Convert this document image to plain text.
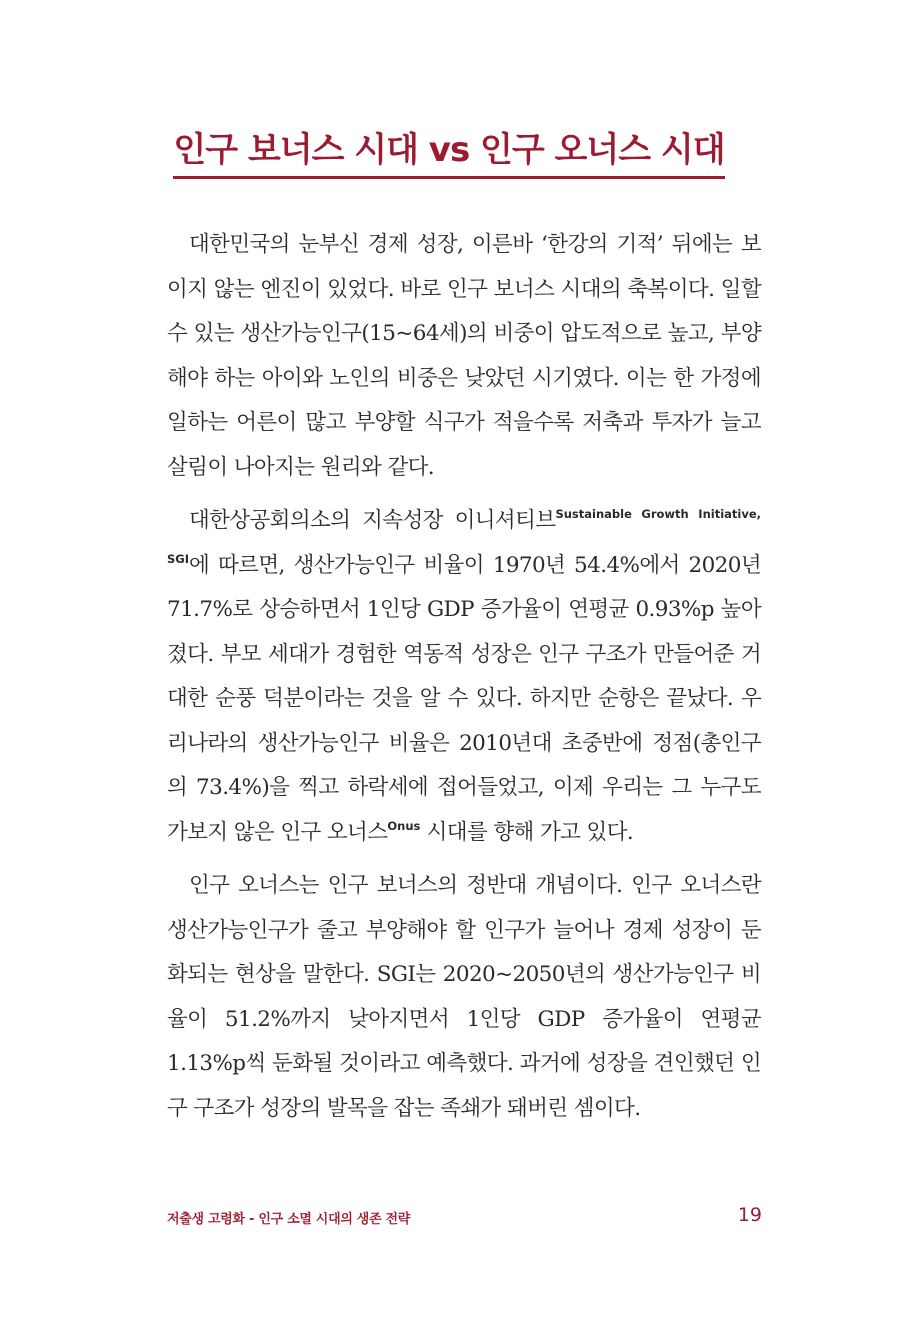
인구 보너스 시대 vs 인구 오너스 시대

대한민국의 눈부신 경제 성장, 이른바 ‘한강의 기적’ 뒤에는 보이지 않는 엔진이 있었다. 바로 인구 보너스 시대의 축복이다. 일할 수 있는 생산가능인구(15~64세)의 비중이 압도적으로 높고, 부양해야 하는 아이와 노인의 비중은 낮았던 시기였다. 이는 한 가정에 일하는 어른이 많고 부양할 식구가 적을수록 저축과 투자가 늘고 살림이 나아지는 원리와 같다.

대한상공회의소의 지속성장 이니셔티브$^{Sustainable Growth Initiative, SGI}$에 따르면, 생산가능인구 비율이 1970년 54.4%에서 2020년 71.7%로 상승하면서 1인당 GDP 증가율이 연평균 0.93%p 높아졌다. 부모 세대가 경험한 역동적 성장은 인구 구조가 만들어준 거대한 순풍 덕분이라는 것을 알 수 있다. 하지만 순항은 끝났다. 우리나라의 생산가능인구 비율은 2010년대 초중반에 정점(총인구의 73.4%)을 찍고 하락세에 접어들었고, 이제 우리는 그 누구도 가보지 않은 인구 오너스$^{Onus}$ 시대를 향해 가고 있다.

인구 오너스는 인구 보너스의 정반대 개념이다. 인구 오너스란 생산가능인구가 줄고 부양해야 할 인구가 늘어나 경제 성장이 둔화되는 현상을 말한다. SGI는 2020~2050년의 생산가능인구 비율이 51.2%까지 낮아지면서 1인당 GDP 증가율이 연평균 1.13%p씩 둔화될 것이라고 예측했다. 과거에 성장을 견인했던 인구 구조가 성장의 발목을 잡는 족쇄가 돼버린 셈이다.

저출생 고령화 - 인구 소멸 시대의 생존 전략	19
